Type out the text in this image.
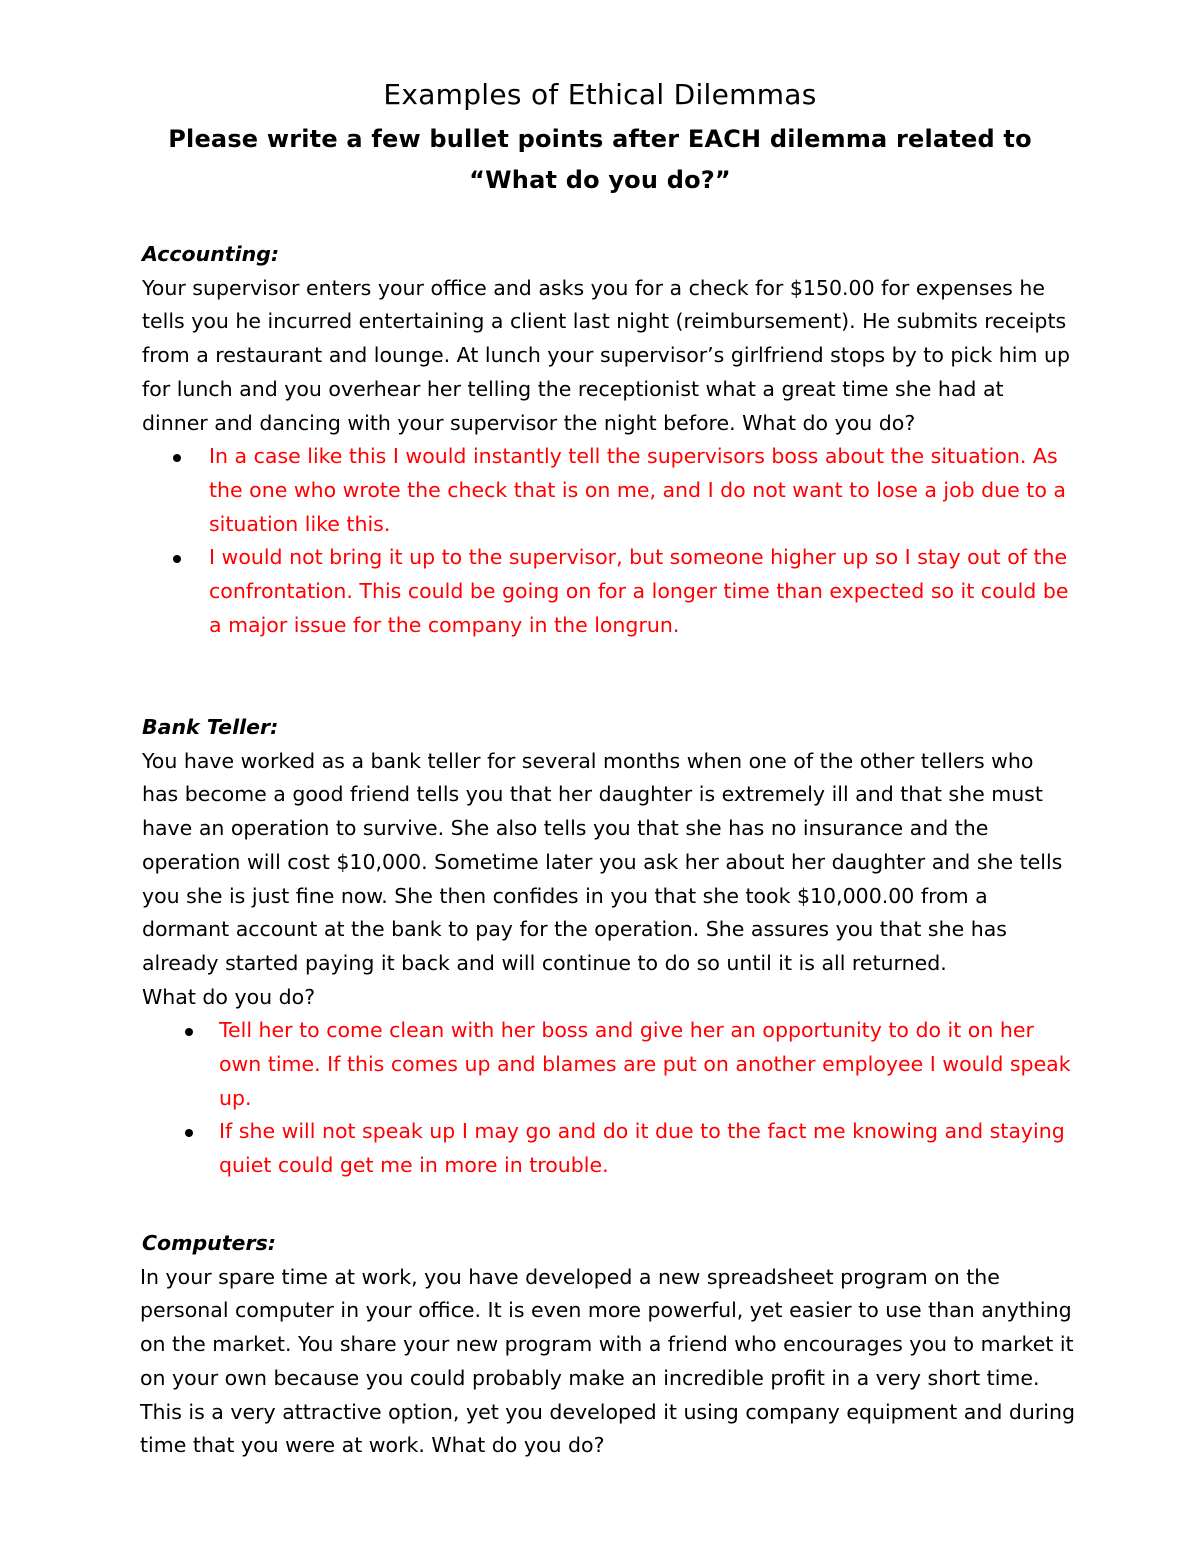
Examples of Ethical Dilemmas
Please write a few bullet points after EACH dilemma related to
“What do you do?”
Accounting:
Your supervisor enters your office and asks you for a check for $150.00 for expenses he tells you he incurred entertaining a client last night (reimbursement). He submits receipts from a restaurant and lounge. At lunch your supervisor’s girlfriend stops by to pick him up for lunch and you overhear her telling the receptionist what a great time she had at dinner and dancing with your supervisor the night before. What do you do?
In a case like this I would instantly tell the supervisors boss about the situation. As the one who wrote the check that is on me, and I do not want to lose a job due to a situation like this.
I would not bring it up to the supervisor, but someone higher up so I stay out of the confrontation. This could be going on for a longer time than expected so it could be a major issue for the company in the longrun.
Bank Teller:
You have worked as a bank teller for several months when one of the other tellers who has become a good friend tells you that her daughter is extremely ill and that she must have an operation to survive. She also tells you that she has no insurance and the operation will cost $10,000. Sometime later you ask her about her daughter and she tells you she is just fine now. She then confides in you that she took $10,000.00 from a dormant account at the bank to pay for the operation. She assures you that she has already started paying it back and will continue to do so until it is all returned.
What do you do?
Tell her to come clean with her boss and give her an opportunity to do it on her own time. If this comes up and blames are put on another employee I would speak up.
If she will not speak up I may go and do it due to the fact me knowing and staying quiet could get me in more in trouble.
Computers:
In your spare time at work, you have developed a new spreadsheet program on the personal computer in your office. It is even more powerful, yet easier to use than anything on the market. You share your new program with a friend who encourages you to market it on your own because you could probably make an incredible profit in a very short time. This is a very attractive option, yet you developed it using company equipment and during time that you were at work. What do you do?
